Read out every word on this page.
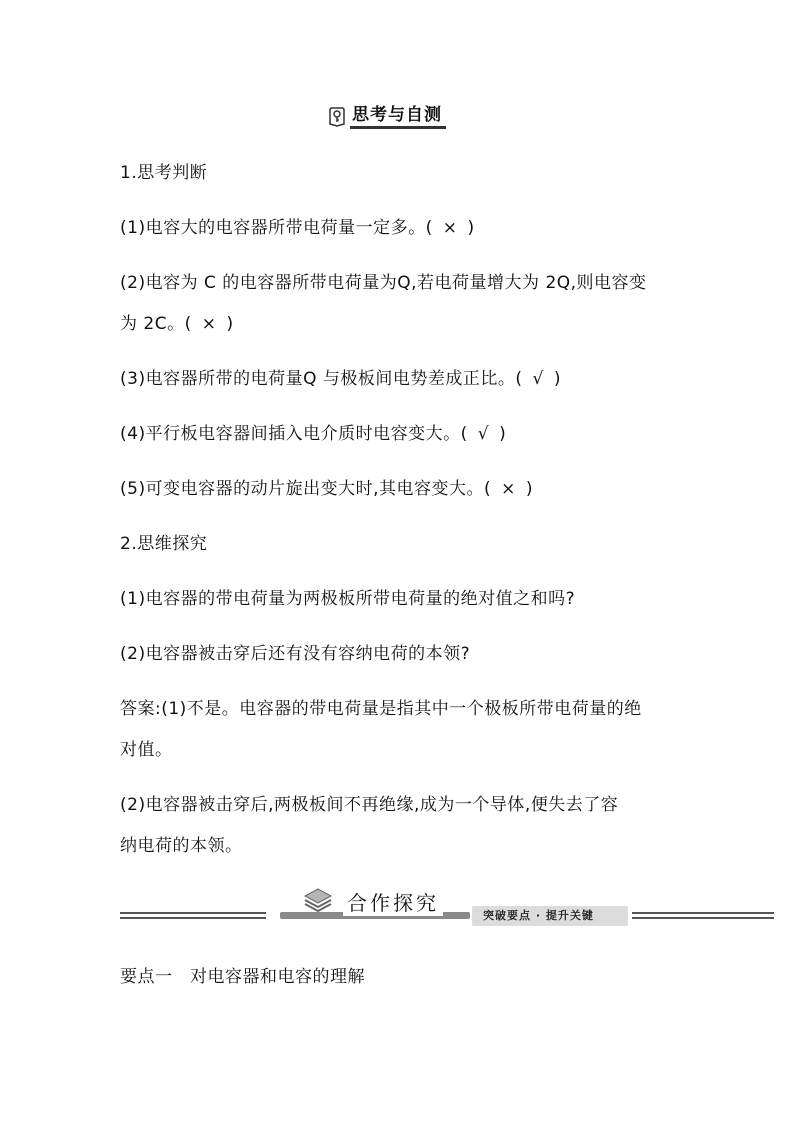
思考与自测
1.思考判断
(1)电容大的电容器所带电荷量一定多。( × )
(2)电容为 C 的电容器所带电荷量为Q,若电荷量增大为 2Q,则电容变
为 2C。( × )
(3)电容器所带的电荷量Q 与极板间电势差成正比。( √ )
(4)平行板电容器间插入电介质时电容变大。( √ )
(5)可变电容器的动片旋出变大时,其电容变大。( × )
2.思维探究
(1)电容器的带电荷量为两极板所带电荷量的绝对值之和吗?
(2)电容器被击穿后还有没有容纳电荷的本领?
答案:(1)不是。电容器的带电荷量是指其中一个极板所带电荷量的绝
对值。
(2)电容器被击穿后,两极板间不再绝缘,成为一个导体,便失去了容
纳电荷的本领。
合作探究
突破要点 · 提升关键
要点一　对电容器和电容的理解
